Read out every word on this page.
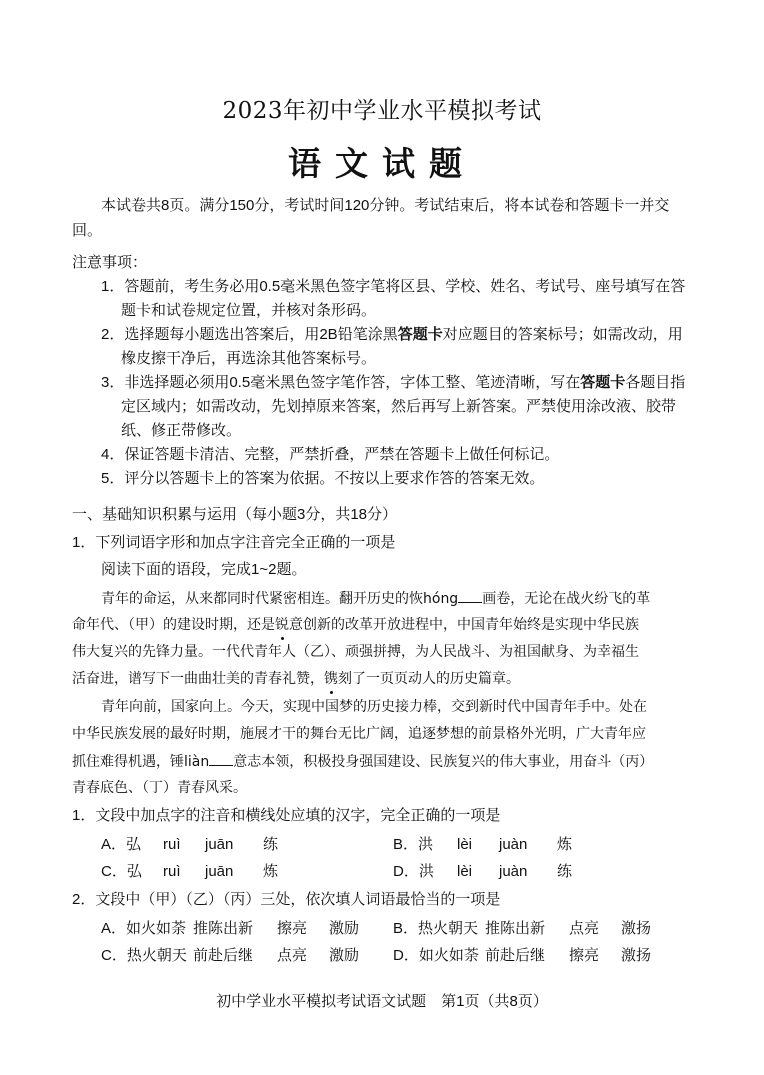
2023年初中学业水平模拟考试
语文试题
本试卷共8页。满分150分，考试时间120分钟。考试结束后，将本试卷和答题卡一并交
回。
注意事项：
1．答题前，考生务必用0.5毫米黑色签字笔将区县、学校、姓名、考试号、座号填写在答
题卡和试卷规定位置，并核对条形码。
2．选择题每小题选出答案后，用2B铅笔涂黑答题卡对应题目的答案标号；如需改动，用
橡皮擦干净后，再选涂其他答案标号。
3．非选择题必须用0.5毫米黑色签字笔作答，字体工整、笔迹清晰，写在答题卡各题目指
定区域内；如需改动，先划掉原来答案，然后再写上新答案。严禁使用涂改液、胶带
纸、修正带修改。
4．保证答题卡清洁、完整，严禁折叠，严禁在答题卡上做任何标记。
5．评分以答题卡上的答案为依据。不按以上要求作答的答案无效。
一、基础知识积累与运用（每小题3分，共18分）
1．下列词语字形和加点字注音完全正确的一项是
阅读下面的语段，完成1~2题。
青年的命运，从来都同时代紧密相连。翻开历史的恢hóng 画卷，无论在战火纷飞的革
命年代、（甲）的建设时期，还是锐意创新的改革开放进程中，中国青年始终是实现中华民族
伟大复兴的先锋力量。一代代青年人（乙）、顽强拼搏，为人民战斗、为祖国献身、为幸福生
活奋进，谱写下一曲曲壮美的青春礼赞，镌刻了一页页动人的历史篇章。
青年向前，国家向上。今天，实现中国梦的历史接力棒，交到新时代中国青年手中。处在
中华民族发展的最好时期，施展才干的舞台无比广阔，追逐梦想的前景格外光明，广大青年应
抓住难得机遇，锤liàn 意志本领，积极投身强国建设、民族复兴的伟大事业，用奋斗（丙）
青春底色、（丁）青春风采。
1．文段中加点字的注音和横线处应填的汉字，完全正确的一项是
A．弘	ruì	juān	练	B．洪	lèi	juàn	炼
C．弘	ruì	juān	炼	D．洪	lèi	juàn	练
2．文段中（甲）（乙）（丙）三处，依次填人词语最恰当的一项是
A．如火如荼 推陈出新	擦亮	激励	B．热火朝天 推陈出新	点亮	激扬
C．热火朝天 前赴后继	点亮	激励	D．如火如荼 前赴后继	擦亮	激扬
初中学业水平模拟考试语文试题　第1页（共8页）
